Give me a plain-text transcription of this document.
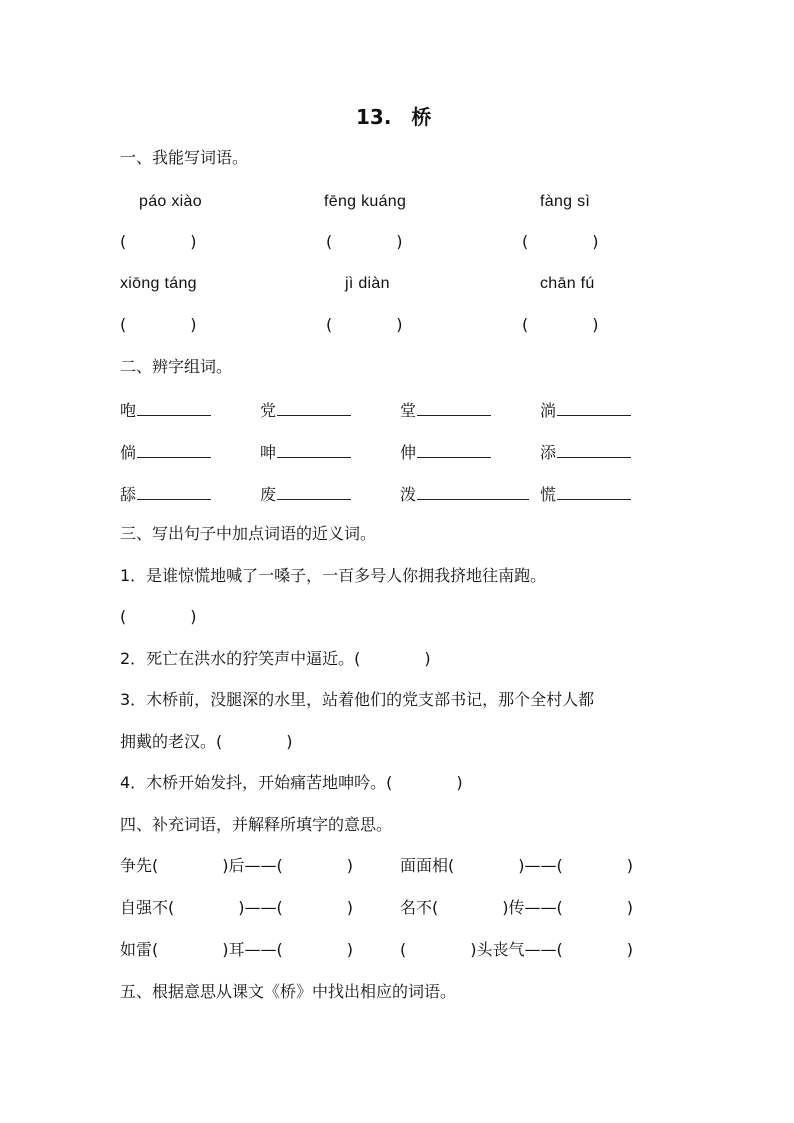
13.　桥
一、我能写词语。
páo xiào	fēng kuáng	fàng sì
(　　　　)	(　　　　)	(　　　　)
xiōng táng	jì diàn	chān fú
(　　　　)	(　　　　)	(　　　　)
二、辨字组词。
咆	党	堂	淌
倘	呻	伸	添
舔	废	泼	慌
三、写出句子中加点词语的近义词。
1．是谁惊慌地喊了一嗓子，一百多号人你拥我挤地往南跑。
(　　　　)
2．死亡在洪水的狞笑声中逼近。(　　　　)
3．木桥前，没腿深的水里，站着他们的党支部书记，那个全村人都
拥戴的老汉。(　　　　)
4．木桥开始发抖，开始痛苦地呻吟。(　　　　)
四、补充词语，并解释所填字的意思。
争先(　　　　)后——(　　　　)	面面相(　　　　)——(　　　　)
自强不(　　　　)——(　　　　)	名不(　　　　)传——(　　　　)
如雷(　　　　)耳——(　　　　)	(　　　　)头丧气——(　　　　)
五、根据意思从课文《桥》中找出相应的词语。
